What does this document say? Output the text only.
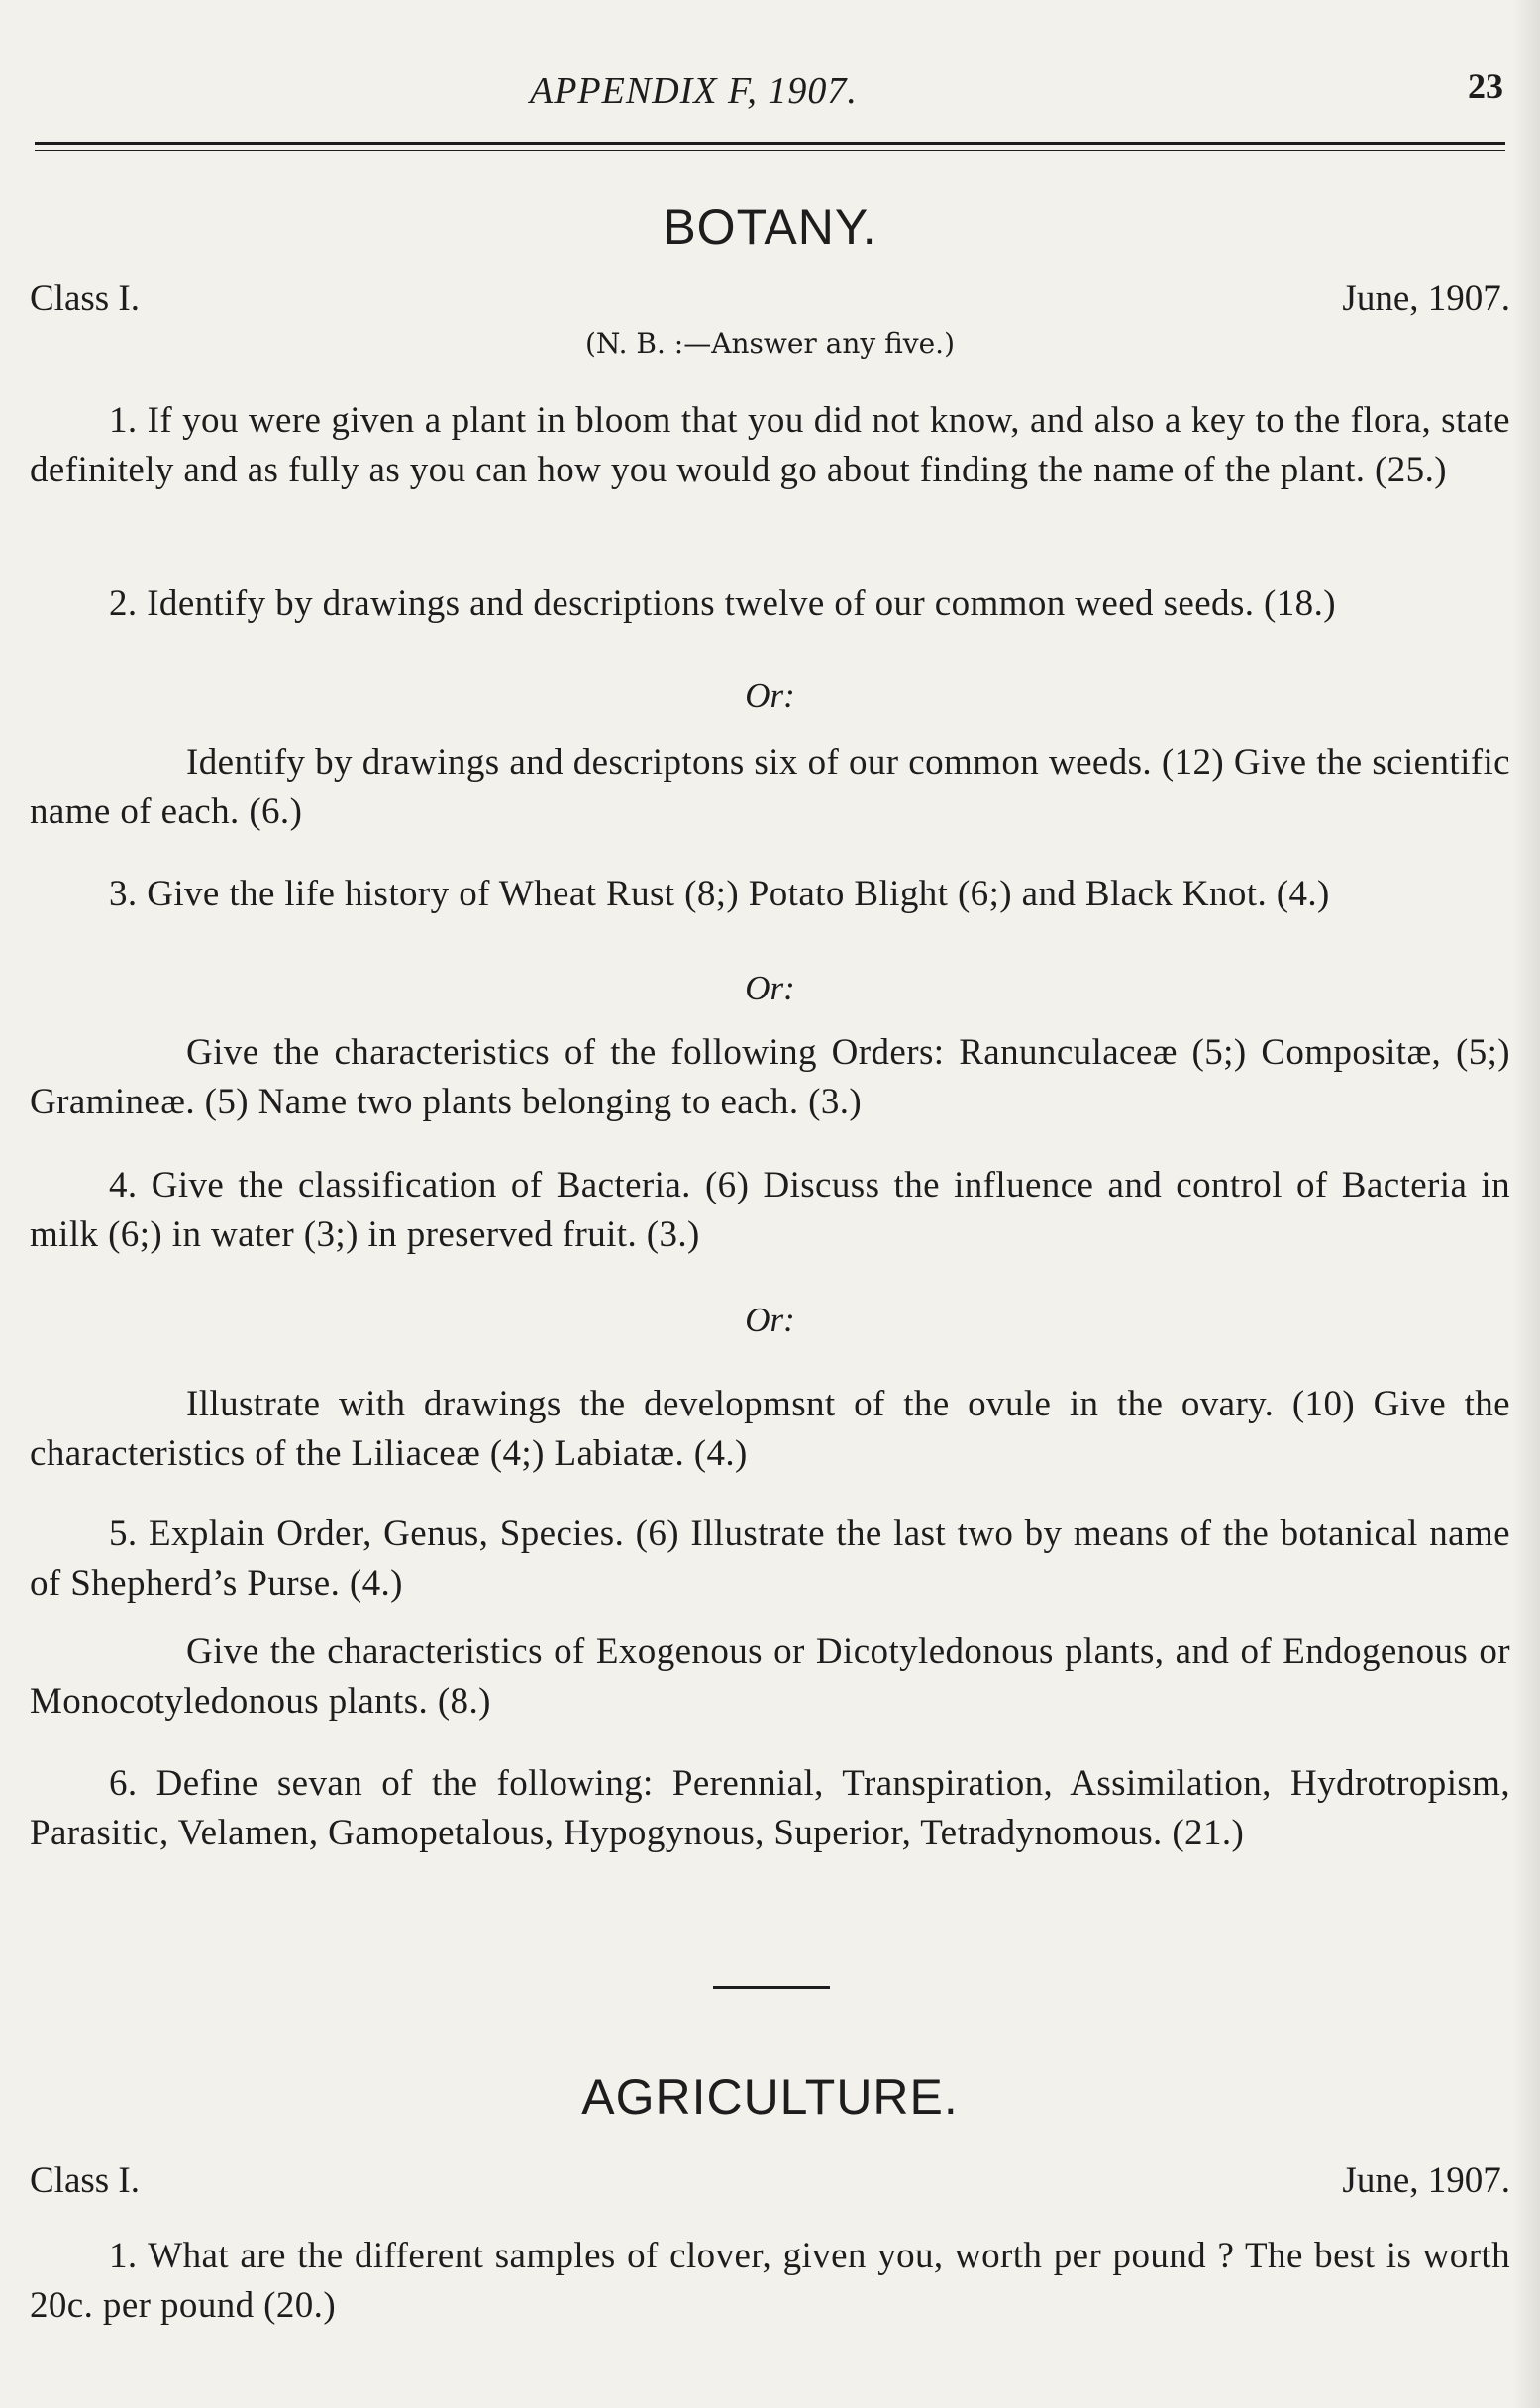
APPENDIX F, 1907.	23
BOTANY.
Class I.	June, 1907.
(N. B. :—Answer any five.)
1. If you were given a plant in bloom that you did not know, and also a key to the flora, state definitely and as fully as you can how you would go about finding the name of the plant. (25.)
2. Identify by drawings and descriptions twelve of our common weed seeds. (18.)
Or:
Identify by drawings and descriptons six of our common weeds. (12) Give the scientific name of each. (6.)
3. Give the life history of Wheat Rust (8;) Potato Blight (6;) and Black Knot. (4.)
Or:
Give the characteristics of the following Orders: Ranunculaceæ (5;) Compositæ, (5;) Gramineæ. (5) Name two plants belonging to each. (3.)
4. Give the classification of Bacteria. (6) Discuss the influence and control of Bacteria in milk (6;) in water (3;) in preserved fruit. (3.)
Or:
Illustrate with drawings the developmsnt of the ovule in the ovary. (10) Give the characteristics of the Liliaceæ (4;) Labiatæ. (4.)
5. Explain Order, Genus, Species. (6) Illustrate the last two by means of the botanical name of Shepherd’s Purse. (4.)
Give the characteristics of Exogenous or Dicotyledonous plants, and of Endogenous or Monocotyledonous plants. (8.)
6. Define sevan of the following: Perennial, Transpiration, Assimilation, Hydrotropism, Parasitic, Velamen, Gamopetalous, Hypogynous, Superior, Tetradynomous. (21.)
AGRICULTURE.
Class I.	June, 1907.
1. What are the different samples of clover, given you, worth per pound ? The best is worth 20c. per pound (20.)
